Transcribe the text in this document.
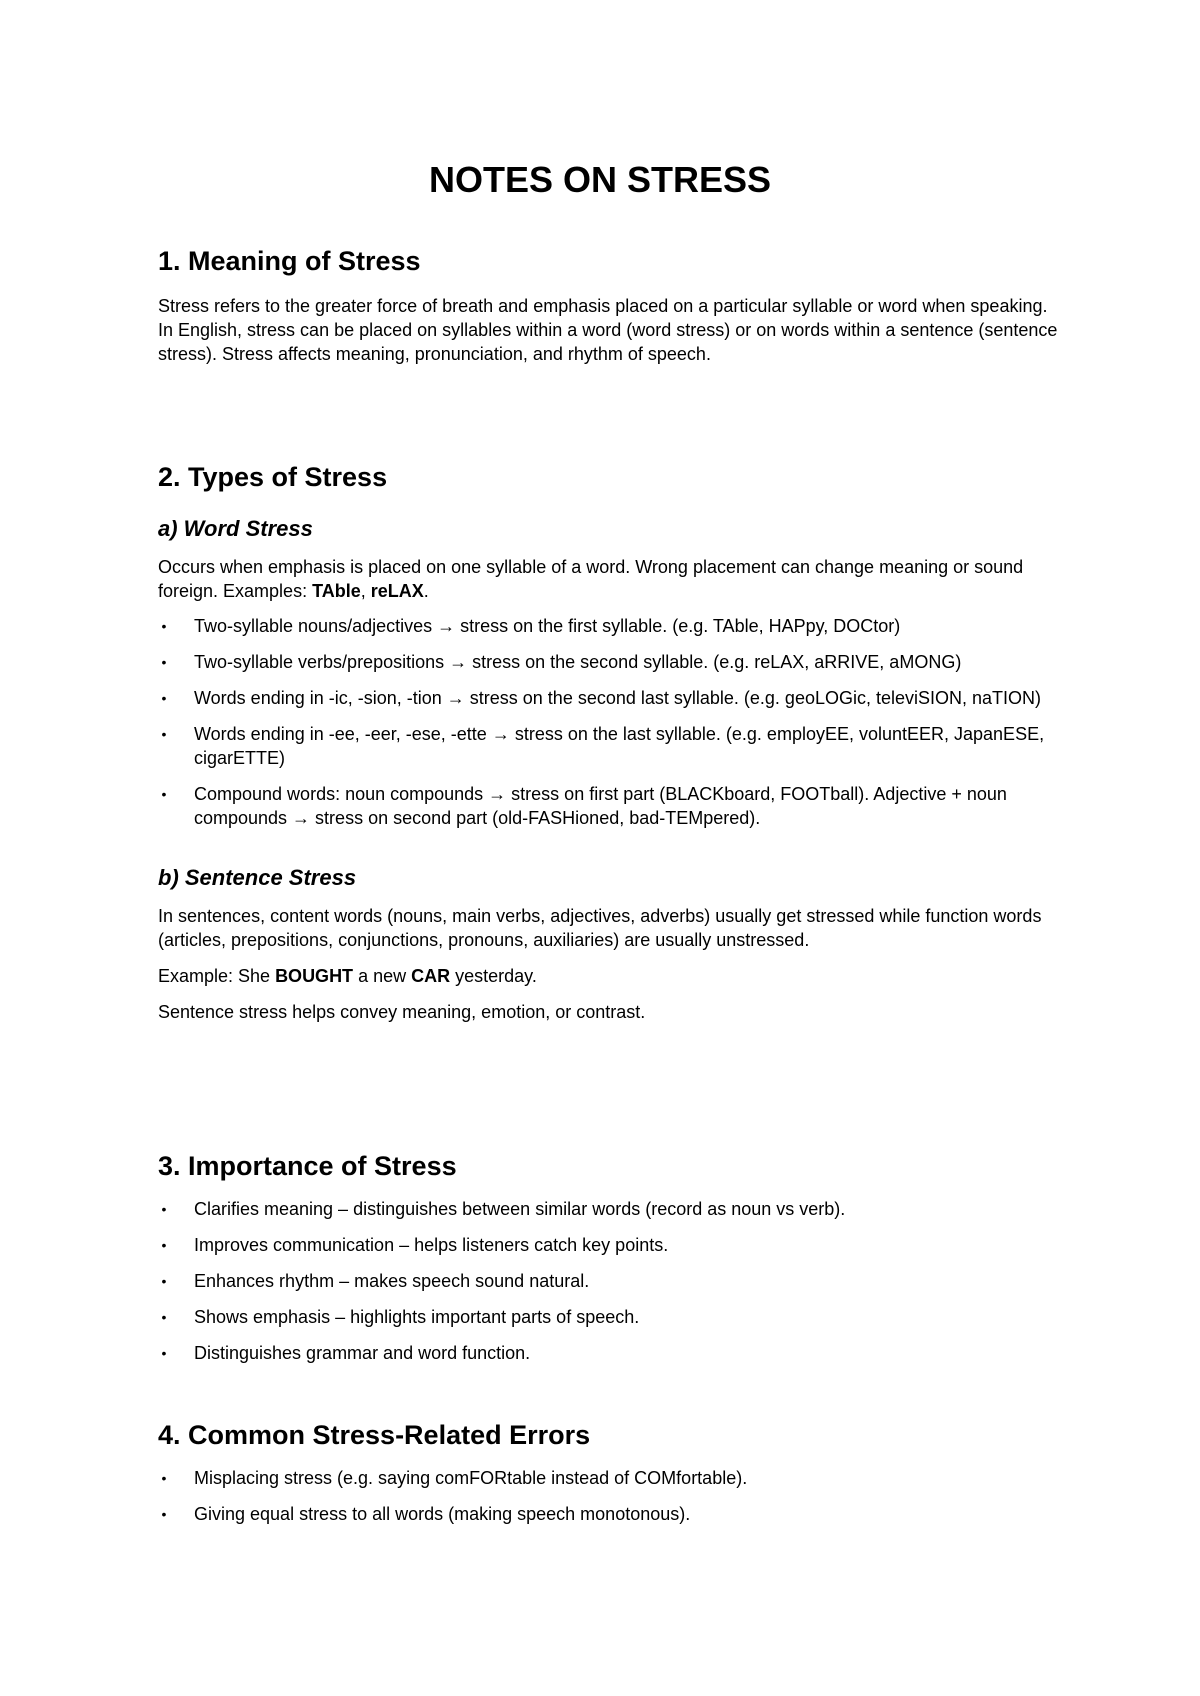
NOTES ON STRESS
1. Meaning of Stress

Stress refers to the greater force of breath and emphasis placed on a particular syllable or word when speaking. In English, stress can be placed on syllables within a word (word stress) or on words within a sentence (sentence stress). Stress affects meaning, pronunciation, and rhythm of speech.

2. Types of Stress
a) Word Stress

Occurs when emphasis is placed on one syllable of a word. Wrong placement can change meaning or sound foreign. Examples: TAble, reLAX.

• Two-syllable nouns/adjectives → stress on the first syllable. (e.g. TAble, HAPpy, DOCtor)
• Two-syllable verbs/prepositions → stress on the second syllable. (e.g. reLAX, aRRIVE, aMONG)
• Words ending in -ic, -sion, -tion → stress on the second last syllable. (e.g. geoLOGic, televiSION, naTION)
• Words ending in -ee, -eer, -ese, -ette → stress on the last syllable. (e.g. employEE, voluntEER, JapanESE, cigarETTE)
• Compound words: noun compounds → stress on first part (BLACKboard, FOOTball). Adjective + noun compounds → stress on second part (old-FASHioned, bad-TEMpered).
b) Sentence Stress

In sentences, content words (nouns, main verbs, adjectives, adverbs) usually get stressed while function words (articles, prepositions, conjunctions, pronouns, auxiliaries) are usually unstressed.

Example: She BOUGHT a new CAR yesterday.

Sentence stress helps convey meaning, emotion, or contrast.

3. Importance of Stress
• Clarifies meaning – distinguishes between similar words (record as noun vs verb).
• Improves communication – helps listeners catch key points.
• Enhances rhythm – makes speech sound natural.
• Shows emphasis – highlights important parts of speech.
• Distinguishes grammar and word function.
4. Common Stress-Related Errors
• Misplacing stress (e.g. saying comFORtable instead of COMfortable).
• Giving equal stress to all words (making speech monotonous).
